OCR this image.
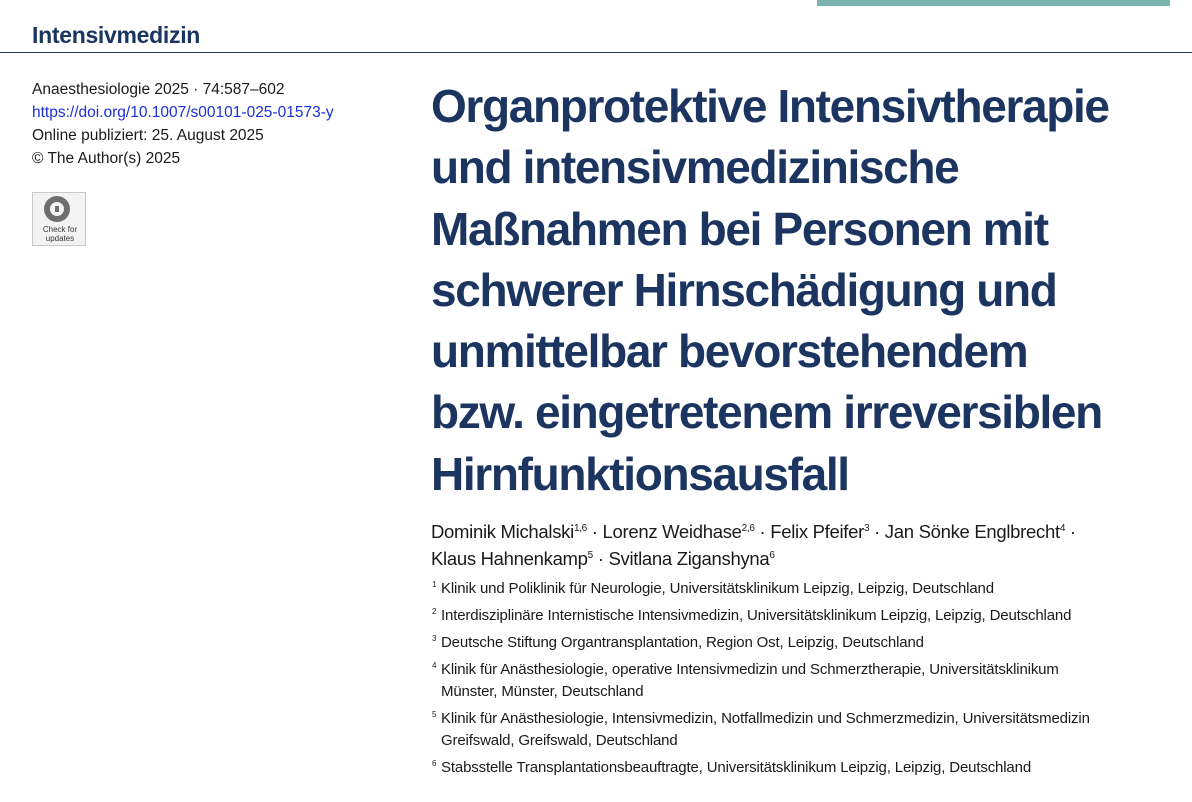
Intensivmedizin
Anaesthesiologie 2025 · 74:587–602
https://doi.org/10.1007/s00101-025-01573-y
Online publiziert: 25. August 2025
© The Author(s) 2025
Check for
updates
Organprotektive Intensivtherapie
und intensivmedizinische
Maßnahmen bei Personen mit
schwerer Hirnschädigung und
unmittelbar bevorstehendem
bzw. eingetretenem irreversiblen
Hirnfunktionsausfall
Dominik Michalski$^{1,6}$ · Lorenz Weidhase$^{2,6}$ · Felix Pfeifer$^3$ · Jan Sönke Englbrecht$^4$ ·
Klaus Hahnenkamp$^5$ · Svitlana Ziganshyna$^6$
1 Klinik und Poliklinik für Neurologie, Universitätsklinikum Leipzig, Leipzig, Deutschland
2 Interdisziplinäre Internistische Intensivmedizin, Universitätsklinikum Leipzig, Leipzig, Deutschland
3 Deutsche Stiftung Organtransplantation, Region Ost, Leipzig, Deutschland
4 Klinik für Anästhesiologie, operative Intensivmedizin und Schmerztherapie, Universitätsklinikum
Münster, Münster, Deutschland
5 Klinik für Anästhesiologie, Intensivmedizin, Notfallmedizin und Schmerzmedizin, Universitätsmedizin
Greifswald, Greifswald, Deutschland
6 Stabsstelle Transplantationsbeauftragte, Universitätsklinikum Leipzig, Leipzig, Deutschland
